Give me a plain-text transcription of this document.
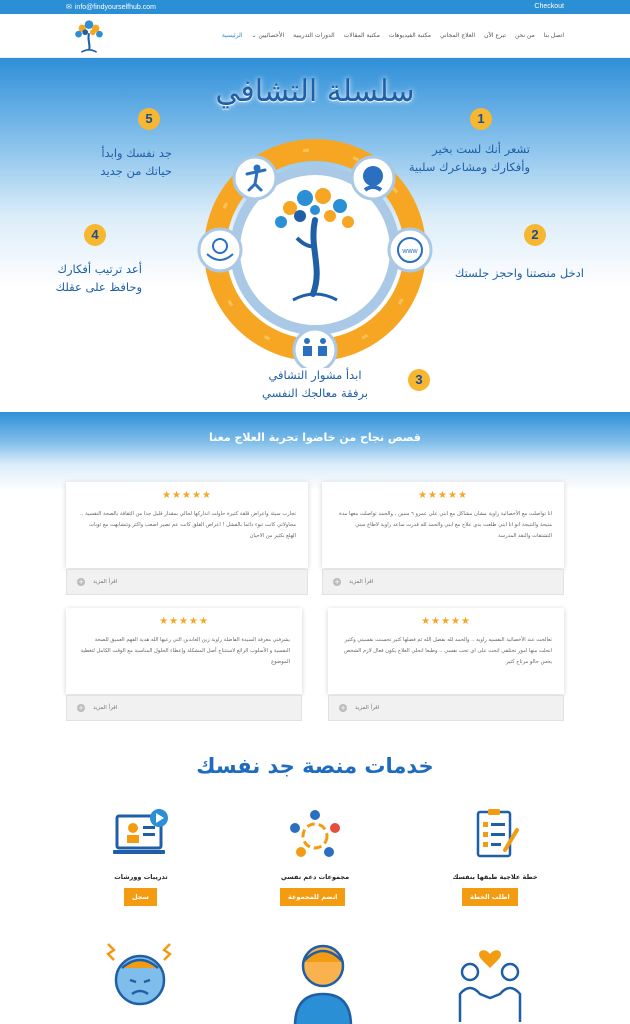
✉ info@findyourselfhub.com	Checkout
الرئيسية الأخصائيين ⌄ الدورات التدريبية مكتبة المقالات مكتبة الفيديوهات العلاج المجاني تبرع الآن من نحن اتصل بنا
سلسلة التشافي
www
1
2
3
4
5
تشعر أنك لست بخير
وأفكارك ومشاعرك سلبية
ادخل منصتنا واحجز جلستك
ابدأ مشوار التشافي
برفقة معالجك النفسي
أعد ترتيب أفكارك
وحافظ على عقلك
جد نفسك وابدأ
حياتك من جديد
قصص نجاح من خاضوا تجربة العلاج معنا
★★★★★
انا تواصلت مع الأخصائية راوية مشان مشاكل مع ابني علي عمرو ٦ سنين ، والحمد تواصلت معها مدة متيحة والنتيجة انو انا ابني طلعت بدي علاج مع ابني والحمد لله قدرت ساعد راوية لاطاع ستي التشتقات والنقد المدرسة
+ اقرأ المزيد
★★★★★
تجارب سيئة واعراض قلقة كثيرة حاولت انداركها لحالي بمقدار قليل جدا من الثقافة بالصحة النفسية .. مجاولاتي كانت تبوء دائما بالفشل ! اعراض القلق كانت عم تصير اصعب واكثر وتتشابهت مع ثوبات الهلع بكثير من الاحيان
+ اقرأ المزيد
★★★★★
تعالجت عند الأخصائية النفسيه راويه .. والحمد لله بفضل الله ثم فضلها كثير تحسنت نفسيتي وكثير انحلت منها امور تختلفي اتحت على اي تحب نفسي .. وطبعا انحلي العلاج يكون فعال لازم الشخص يحس حالو مرتاح كثير
+ اقرأ المزيد
★★★★★
يشرفني معرفة السيدة الفاضلة راوية زين العابدين التي رعيها الله هدية الفهم العميق للصحة النفسية و الأسلوب الرائع لاستنتاج أصل المشكلة وإعطاء الحلول المناسبة مع الوقت الكامل لتغطية الموضوع
+ اقرأ المزيد
خدمات منصة جد نفسك
خطة علاجية طبقها بنفسك
اطلب الخطة
مجموعات دعم نفسي
انضم للمجموعة
تدريبات وورشات
سجل
